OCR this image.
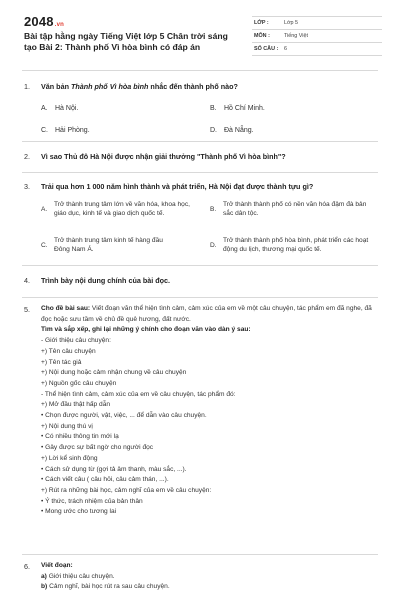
2048.vn
Bài tập hằng ngày Tiếng Việt lớp 5 Chân trời sáng tạo Bài 2: Thành phố Vì hòa bình có đáp án
LỚP :	Lớp 5
MÔN :	Tiếng Việt
SỐ CÂU : 6
1. Văn bản Thành phố Vì hòa bình nhắc đến thành phố nào?
A. Hà Nội.	B. Hồ Chí Minh.
C. Hải Phòng.	D. Đà Nẵng.
2. Vì sao Thủ đô Hà Nội được nhận giải thưởng "Thành phố Vì hòa bình"?
3. Trải qua hơn 1 000 năm hình thành và phát triển, Hà Nội đạt được thành tựu gì?
A.
Trở thành trung tâm lớn về văn hóa, khoa học, giáo dục, kinh tế và giao dịch quốc tế.
B.
Trở thành thành phố có nền văn hóa đậm đà bản sắc dân tộc.
C.
Trở thành trung tâm kinh tế hàng đầu Đông Nam Á.
D.
Trở thành thành phố hòa bình, phát triển các hoạt động du lịch, thương mại quốc tế.
4. Trình bày nội dung chính của bài đọc.
5. Cho đề bài sau: Viết đoạn văn thể hiện tình cảm, cảm xúc của em về một câu chuyện, tác phẩm em đã nghe, đã đọc hoặc sưu tầm về chủ đề quê hương, đất nước.
Tìm và sắp xếp, ghi lại những ý chính cho đoạn văn vào dàn ý sau:
- Giới thiệu câu chuyện:
+) Tên câu chuyện
+) Tên tác giả
+) Nội dung hoặc cảm nhận chung về câu chuyện
+) Nguồn gốc câu chuyện
- Thể hiện tình cảm, cảm xúc của em về câu chuyện, tác phẩm đó:
+) Mở đầu thật hấp dẫn
• Chọn được người, vật, việc, ... để dẫn vào câu chuyện.
+) Nội dung thú vị
• Có nhiều thông tin mới lạ
• Gây được sự bất ngờ cho người đọc
+) Lời kể sinh động
• Cách sử dụng từ (gợi tả âm thanh, màu sắc, ...).
• Cách viết câu ( câu hỏi, câu cảm thán, ...).
+) Rút ra những bài học, cảm nghĩ của em về câu chuyện:
• Ý thức, trách nhiệm của bản thân
• Mong ước cho tương lai
6. Viết đoạn:
a) Giới thiệu câu chuyện.
b) Cảm nghĩ, bài học rút ra sau câu chuyện.
